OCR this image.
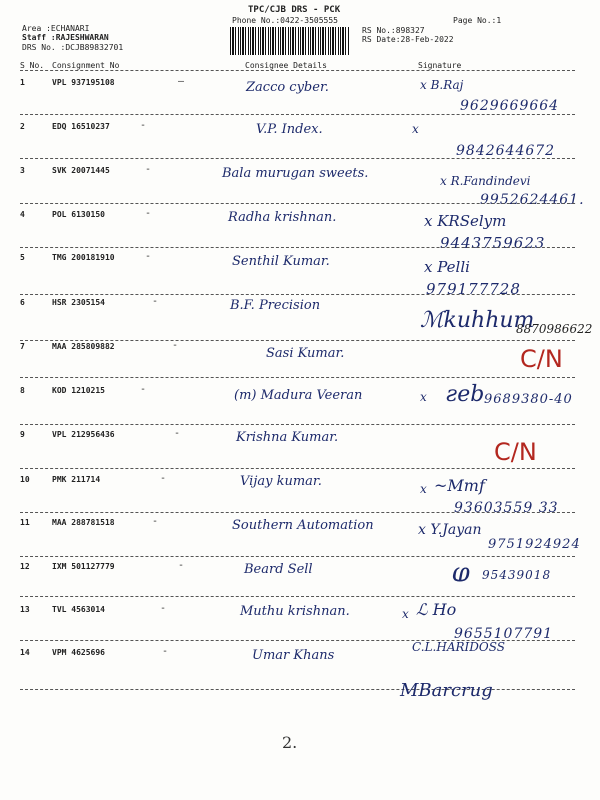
TPC/CJB DRS - PCK
Phone No.:0422-3505555	Page No.:1
Area :ECHANARI
Staff :RAJESHWARAN
DRS No. :DCJB89832701
RS No.:898327
RS Date:28-Feb-2022
S No. Consignment No	Consignee Details	Signature
1	VPL 937195108	—	Zacco cyber.	x B.Raj
9629669664
2	EDQ 16510237	-	V.P. Index.	x
9842644672
3	SVK 20071445	-	Bala murugan sweets.	x R.Fandindevi
9952624461.
4	POL 6130150	-	Radha krishnan.	x KRSelym
9443759623
5	TMG 200181910	-	Senthil Kumar.	x Pelli
979177728
6	HSR 2305154	-	B.F. Precision
ℳkuhhum
8870986622
7	MAA 285809882	-
Sasi Kumar.	C/N
8	KOD 1210215	-	(m) Madura Veeran	x ƨeb 9689380-40
9	VPL 212956436	-	Krishna Kumar.
C/N
10	PMK 211714	-	Vijay kumar.	x ~Mmf
93603559 33
11	MAA 288781518	-	Southern Automation	x Y.Jayan
9751924924
12	IXM 501127779	-	Beard Sell	ⱷ 95439018
13	TVL 4563014	-	Muthu krishnan.	x ℒ Ho
9655107791
14	VPM 4625696	-	Umar Khans
C.L.HARIDOSS
MBarcrug
2.
